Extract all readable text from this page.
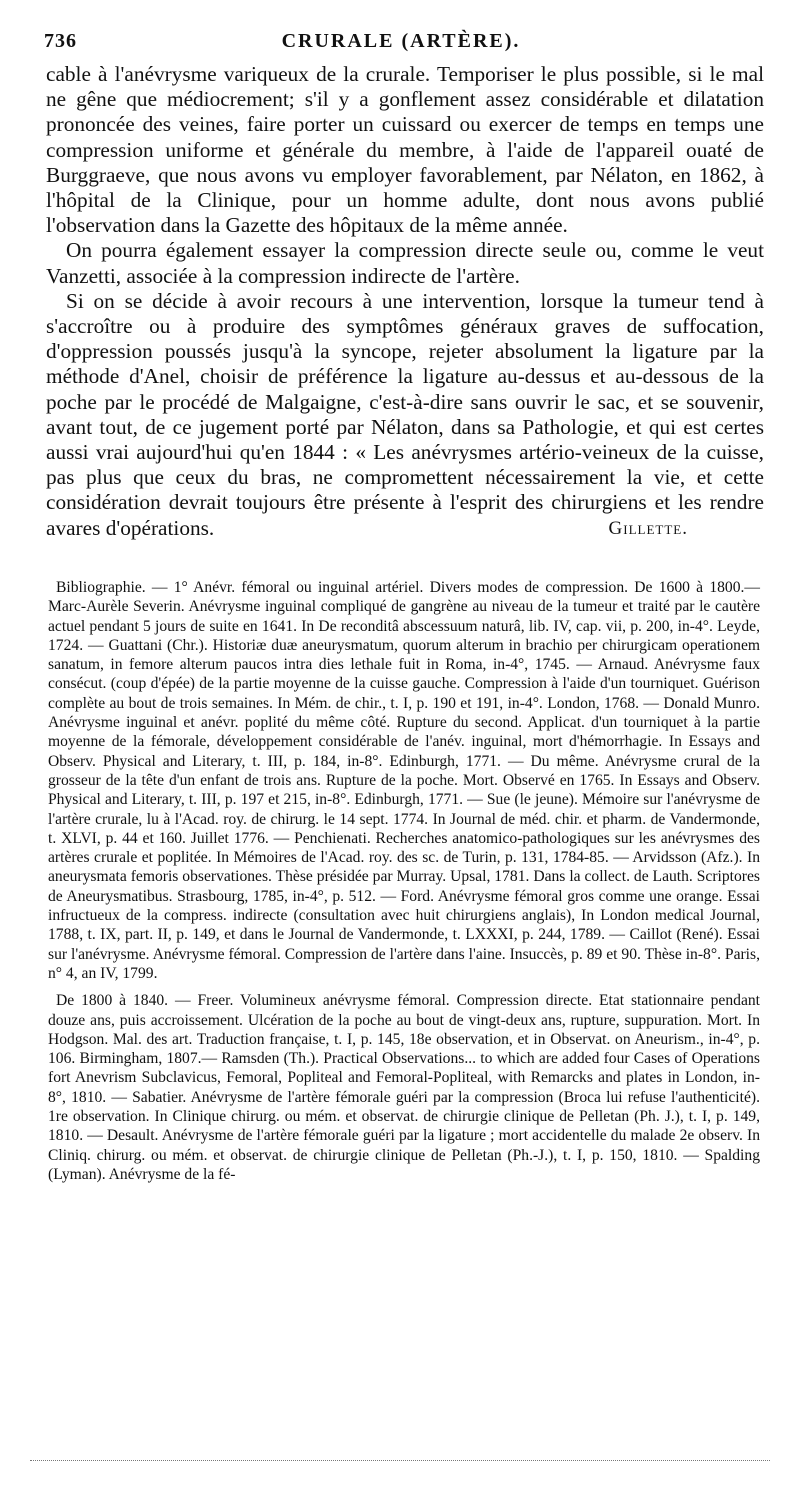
736	CRURALE (ARTÈRE).

cable à l'anévrysme variqueux de la crurale. Temporiser le plus possible, si le mal ne gêne que médiocrement; s'il y a gonflement assez considérable et dilatation prononcée des veines, faire porter un cuissard ou exercer de temps en temps une compression uniforme et générale du membre, à l'aide de l'appareil ouaté de Burggraeve, que nous avons vu employer favorablement, par Nélaton, en 1862, à l'hôpital de la Clinique, pour un homme adulte, dont nous avons publié l'observation dans la Gazette des hôpitaux de la même année.

On pourra également essayer la compression directe seule ou, comme le veut Vanzetti, associée à la compression indirecte de l'artère.

Si on se décide à avoir recours à une intervention, lorsque la tumeur tend à s'accroître ou à produire des symptômes généraux graves de suffocation, d'oppression poussés jusqu'à la syncope, rejeter absolument la ligature par la méthode d'Anel, choisir de préférence la ligature au-dessus et au-dessous de la poche par le procédé de Malgaigne, c'est-à-dire sans ouvrir le sac, et se souvenir, avant tout, de ce jugement porté par Nélaton, dans sa Pathologie, et qui est certes aussi vrai aujourd'hui qu'en 1844 : « Les anévrysmes artério-veineux de la cuisse, pas plus que ceux du bras, ne compromettent nécessairement la vie, et cette considération devrait toujours être présente à l'esprit des chirurgiens et les rendre avares d'opérations.	Gillette.

Bibliographie. — 1° Anévr. fémoral ou inguinal artériel. Divers modes de compression. De 1600 à 1800.— Marc-Aurèle Severin. Anévrysme inguinal compliqué de gangrène au niveau de la tumeur et traité par le cautère actuel pendant 5 jours de suite en 1641. In De reconditâ abscessuum naturâ, lib. IV, cap. vii, p. 200, in-4°. Leyde, 1724. — Guattani (Chr.). Historiæ duæ aneurysmatum, quorum alterum in brachio per chirurgicam operationem sanatum, in femore alterum paucos intra dies lethale fuit in Roma, in-4°, 1745. — Arnaud. Anévrysme faux consécut. (coup d'épée) de la partie moyenne de la cuisse gauche. Compression à l'aide d'un tourniquet. Guérison complète au bout de trois semaines. In Mém. de chir., t. I, p. 190 et 191, in-4°. London, 1768. — Donald Munro. Anévrysme inguinal et anévr. poplité du même côté. Rupture du second. Applicat. d'un tourniquet à la partie moyenne de la fémorale, développement considérable de l'anév. inguinal, mort d'hémorrhagie. In Essays and Observ. Physical and Literary, t. III, p. 184, in-8°. Edinburgh, 1771. — Du même. Anévrysme crural de la grosseur de la tête d'un enfant de trois ans. Rupture de la poche. Mort. Observé en 1765. In Essays and Observ. Physical and Literary, t. III, p. 197 et 215, in-8°. Edinburgh, 1771. — Sue (le jeune). Mémoire sur l'anévrysme de l'artère crurale, lu à l'Acad. roy. de chirurg. le 14 sept. 1774. In Journal de méd. chir. et pharm. de Vandermonde, t. XLVI, p. 44 et 160. Juillet 1776. — Penchienati. Recherches anatomico-pathologiques sur les anévrysmes des artères crurale et poplitée. In Mémoires de l'Acad. roy. des sc. de Turin, p. 131, 1784-85. — Arvidsson (Afz.). In aneurysmata femoris observationes. Thèse présidée par Murray. Upsal, 1781. Dans la collect. de Lauth. Scriptores de Aneurysmatibus. Strasbourg, 1785, in-4°, p. 512. — Ford. Anévrysme fémoral gros comme une orange. Essai infructueux de la compress. indirecte (consultation avec huit chirurgiens anglais), In London medical Journal, 1788, t. IX, part. II, p. 149, et dans le Journal de Vandermonde, t. LXXXI, p. 244, 1789. — Caillot (René). Essai sur l'anévrysme. Anévrysme fémoral. Compression de l'artère dans l'aine. Insuccès, p. 89 et 90. Thèse in-8°. Paris, n° 4, an IV, 1799.

De 1800 à 1840. — Freer. Volumineux anévrysme fémoral. Compression directe. Etat stationnaire pendant douze ans, puis accroissement. Ulcération de la poche au bout de vingt-deux ans, rupture, suppuration. Mort. In Hodgson. Mal. des art. Traduction française, t. I, p. 145, 18e observation, et in Observat. on Aneurism., in-4°, p. 106. Birmingham, 1807.— Ramsden (Th.). Practical Observations... to which are added four Cases of Operations fort Anevrism Subclavicus, Femoral, Popliteal and Femoral-Popliteal, with Remarcks and plates in London, in-8°, 1810. — Sabatier. Anévrysme de l'artère fémorale guéri par la compression (Broca lui refuse l'authenticité). 1re observation. In Clinique chirurg. ou mém. et observat. de chirurgie clinique de Pelletan (Ph. J.), t. I, p. 149, 1810. — Desault. Anévrysme de l'artère fémorale guéri par la ligature ; mort accidentelle du malade 2e observ. In Cliniq. chirurg. ou mém. et observat. de chirurgie clinique de Pelletan (Ph.-J.), t. I, p. 150, 1810. — Spalding (Lyman). Anévrysme de la fé-
